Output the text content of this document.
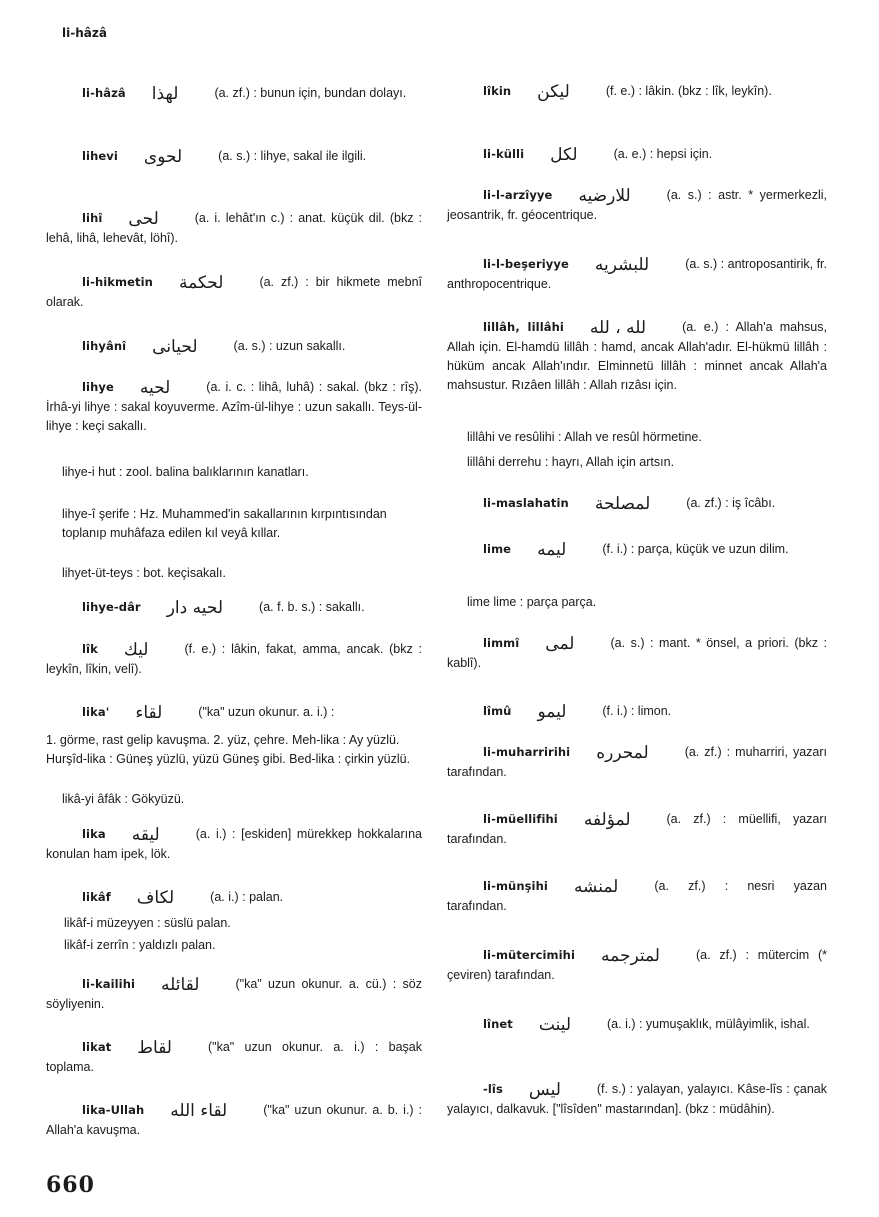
li-hâzâ
li-hâzâ لهذا	(a. zf.) : bunun için, bundan dolayı.
lihevi لحوى	(a. s.) : lihye, sakal ile ilgili.
lihî لحى	(a. i. lehât'ın c.) : anat. küçük dil. (bkz : lehâ, lihâ, lehevât, löhî).
li-hikmetin لحكمة	(a. zf.) : bir hikmete mebnî olarak.
lihyânî لحيانى	(a. s.) : uzun sakallı.
lihye لحيه	(a. i. c. : lihâ, luhâ) : sakal. (bkz : rîş). İrhâ-yi lihye : sakal koyuverme. Azîm-ül-lihye : uzun sakallı. Teys-ül-lihye : keçi sakallı.
lihye-i hut : zool. balina balıklarının kanatları.
lihye-î şerife : Hz. Muhammed'in sakallarının kırpıntısından toplanıp muhâfaza edilen kıl veyâ kıllar.
lihyet-üt-teys : bot. keçisakalı.
lihye-dâr لحيه دار	(a. f. b. s.) : sakallı.
lîk ليك	(f. e.) : lâkin, fakat, amma, ancak. (bkz : leykîn, lîkin, velî).
lika' لقاء	("ka" uzun okunur. a. i.) :
1. görme, rast gelip kavuşma. 2. yüz, çehre. Meh-lika : Ay yüzlü. Hurşîd-lika : Güneş yüzlü, yüzü Güneş gibi. Bed-lika : çirkin yüzlü.
likâ-yi âfâk : Gökyüzü.
lika ليقه	(a. i.) : [eskiden] mürekkep hokkalarına konulan ham ipek, lök.
likâf لكاف	(a. i.) : palan.
likâf-i müzeyyen : süslü palan.
likâf-i zerrîn : yaldızlı palan.
li-kailihi لقائله	("ka" uzun okunur. a. cü.) : söz söyliyenin.
likat لقاط	("ka" uzun okunur. a. i.) : başak toplama.
lika-Ullah لقاء الله	("ka" uzun okunur. a. b. i.) : Allah'a kavuşma.
lîkin ليكن	(f. e.) : lâkin. (bkz : lîk, leykîn).
li-külli لكل	(a. e.) : hepsi için.
li-l-arzîyye للارضيه	(a. s.) : astr. * yermerkezli, jeosantrik, fr. géocentrique.
li-l-beşeriyye للبشريه	(a. s.) : antroposantirik, fr. anthropocentrique.
lillâh, lillâhi لله ، لله	(a. e.) : Allah'a mahsus, Allah için. El-hamdü lillâh : hamd, ancak Allah'adır. El-hükmü lillâh : hüküm ancak Allah'ındır. Elminnetü lillâh : minnet ancak Allah'a mahsustur. Rızâen lillâh : Allah rızâsı için.
lillâhi ve resûlihi : Allah ve resûl hörmetine.
lillâhi derrehu : hayrı, Allah için artsın.
li-maslahatin لمصلحة	(a. zf.) : iş îcâbı.
lime ليمه	(f. i.) : parça, küçük ve uzun dilim.
lime lime : parça parça.
limmî لمى	(a. s.) : mant. * önsel, a priori. (bkz : kablî).
lîmû ليمو	(f. i.) : limon.
li-muharririhi لمحرره	(a. zf.) : muharriri, yazarı tarafından.
li-müellifihi لمؤلفه	(a. zf.) : müellifi, yazarı tarafından.
li-münşihi لمنشه	(a. zf.) : nesri yazan tarafından.
li-mütercimihi لمترجمه	(a. zf.) : mütercim (* çeviren) tarafından.
lînet لينت	(a. i.) : yumuşaklık, mülâyimlik, ishal.
-lîs ليس	(f. s.) : yalayan, yalayıcı. Kâse-lîs : çanak yalayıcı, dalkavuk. ["lîsîden" mastarından]. (bkz : müdâhin).
660
